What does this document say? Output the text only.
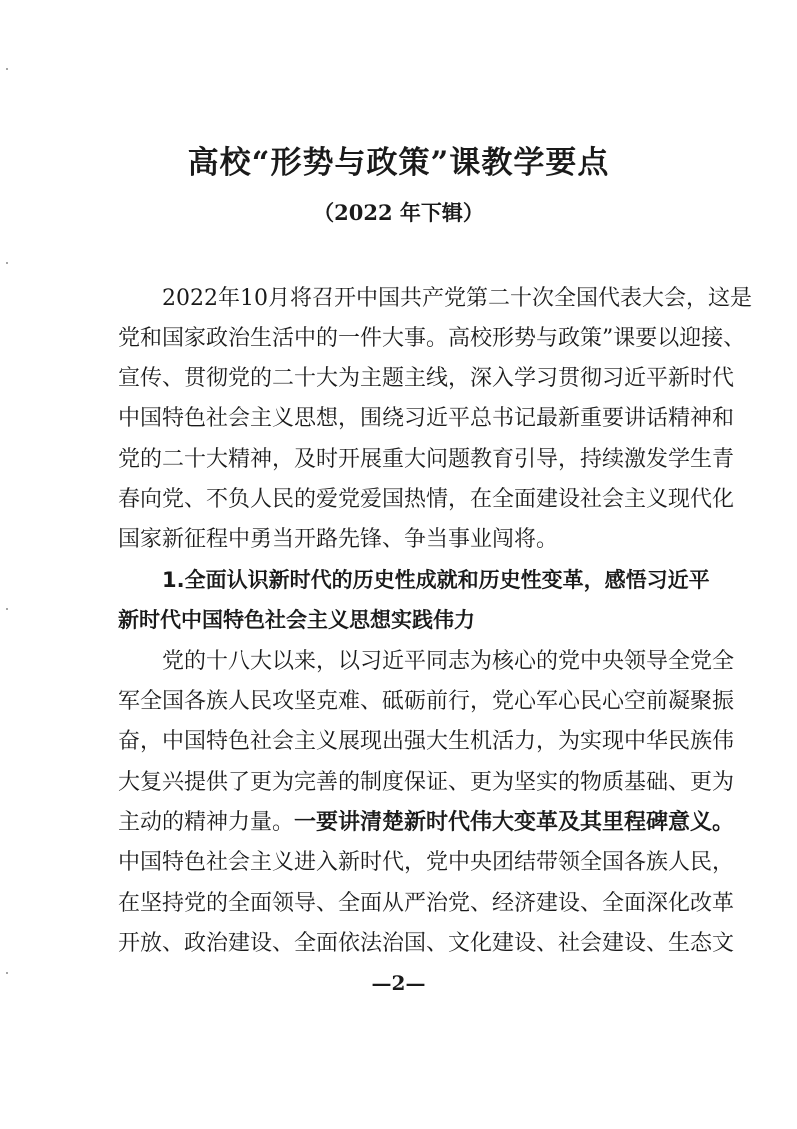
高校“形势与政策”课教学要点
（2022 年下辑）
2022年10月将召开中国共产党第二十次全国代表大会，这是
党和国家政治生活中的一件大事。高校形势与政策”课要以迎接、
宣传、贯彻党的二十大为主题主线，深入学习贯彻习近平新时代
中国特色社会主义思想，围绕习近平总书记最新重要讲话精神和
党的二十大精神，及时开展重大问题教育引导，持续激发学生青
春向党、不负人民的爱党爱国热情，在全面建设社会主义现代化
国家新征程中勇当开路先锋、争当事业闯将。
1.全面认识新时代的历史性成就和历史性变革，感悟习近平
新时代中国特色社会主义思想实践伟力
党的十八大以来，以习近平同志为核心的党中央领导全党全
军全国各族人民攻坚克难、砥砺前行，党心军心民心空前凝聚振
奋，中国特色社会主义展现出强大生机活力，为实现中华民族伟
大复兴提供了更为完善的制度保证、更为坚实的物质基础、更为
主动的精神力量。一要讲清楚新时代伟大变革及其里程碑意义。
中国特色社会主义进入新时代，党中央团结带领全国各族人民，
在坚持党的全面领导、全面从严治党、经济建设、全面深化改革
开放、政治建设、全面依法治国、文化建设、社会建设、生态文
—2—
